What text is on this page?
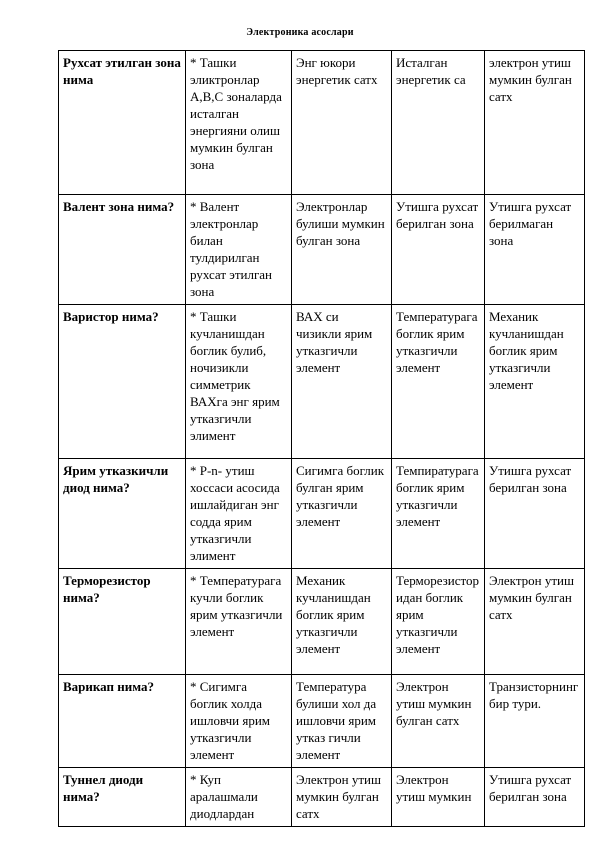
Электроника асослари
Рухсат этилган зона нима	* Ташки эликтронлар А,В,С зоналарда исталган энергияни олиш мумкин булган зона	Энг юкори энергетик сатх	Исталган энергетик са	электрон утиш мумкин булган сатх
Валент зона нима?	* Валент электронлар билан тулдирилган рухсат этилган зона	Электронлар булиши мумкин булган зона	Утишга рухсат берилган зона	Утишга рухсат берилмаган зона
Варистор нима?	* Ташки кучланишдан боглик булиб, ночизикли симметрик ВАХга энг ярим утказгичли элимент	ВАХ си чизикли ярим утказгичли элемент	Температурага боглик ярим утказгичли элемент	Механик кучланишдан боглик ярим утказгичли элемент
Ярим утказкичли диод нима?	* P-n- утиш хоссаси асосида ишлайдиган энг содда ярим утказгичли элимент	Сигимга боглик булган ярим утказгичли элемент	Темпиратурага боглик ярим утказгичли элемент	Утишга рухсат берилган зона
Терморезистор нима?	* Температурага кучли боглик ярим утказгичли элемент	Механик кучланишдан боглик ярим утказгичли элемент	Терморезисторидан боглик ярим утказгичли элемент	Электрон утиш мумкин булган сатх
Варикап нима?	* Сигимга боглик холда ишловчи ярим утказгичли элемент	Температура булиши хол да ишловчи ярим утказ гичли элемент	Электрон утиш мумкин булган сатх	Транзисторнинг бир тури.
Туннел диоди нима?	* Куп аралашмали диодлардан	Электрон утиш мумкин булган сатх	Электрон утиш мумкин	Утишга рухсат берилган зона
